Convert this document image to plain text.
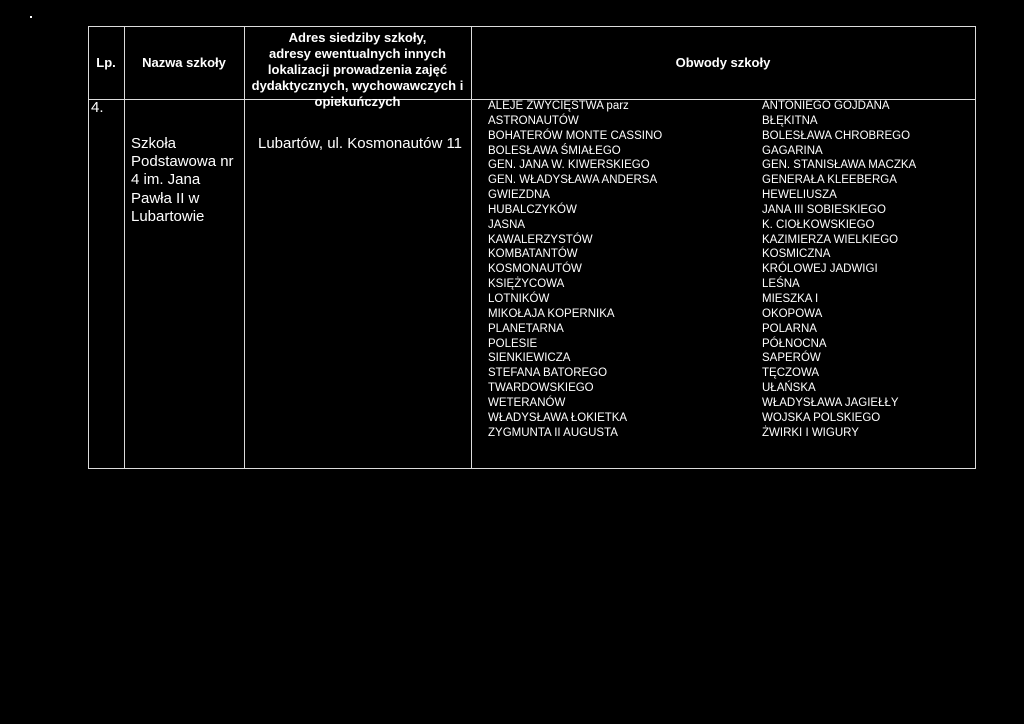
Lp.	Nazwa szkoły
Adres siedziby szkoły,
adresy ewentualnych innych
lokalizacji prowadzenia zajęć
dydaktycznych, wychowawczych i
opiekuńczych
Obwody szkoły
4.
Szkoła
Podstawowa nr
4 im. Jana
Pawła II w
Lubartowie
Lubartów, ul. Kosmonautów 11
ALEJE ZWYCIĘSTWA parz
ASTRONAUTÓW
BOHATERÓW MONTE CASSINO
BOLESŁAWA ŚMIAŁEGO
GEN. JANA W. KIWERSKIEGO
GEN. WŁADYSŁAWA ANDERSA
GWIEZDNA
HUBALCZYKÓW
JASNA
KAWALERZYSTÓW
KOMBATANTÓW
KOSMONAUTÓW
KSIĘŻYCOWA
LOTNIKÓW
MIKOŁAJA KOPERNIKA
PLANETARNA
POLESIE
SIENKIEWICZA
STEFANA BATOREGO
TWARDOWSKIEGO
WETERANÓW
WŁADYSŁAWA ŁOKIETKA
ZYGMUNTA II AUGUSTA
ANTONIEGO GOJDANA
BŁĘKITNA
BOLESŁAWA CHROBREGO
GAGARINA
GEN. STANISŁAWA MACZKA
GENERAŁA KLEEBERGA
HEWELIUSZA
JANA III SOBIESKIEGO
K. CIOŁKOWSKIEGO
KAZIMIERZA WIELKIEGO
KOSMICZNA
KRÓLOWEJ JADWIGI
LEŚNA
MIESZKA I
OKOPOWA
POLARNA
PÓŁNOCNA
SAPERÓW
TĘCZOWA
UŁAŃSKA
WŁADYSŁAWA JAGIEŁŁY
WOJSKA POLSKIEGO
ŻWIRKI I WIGURY
